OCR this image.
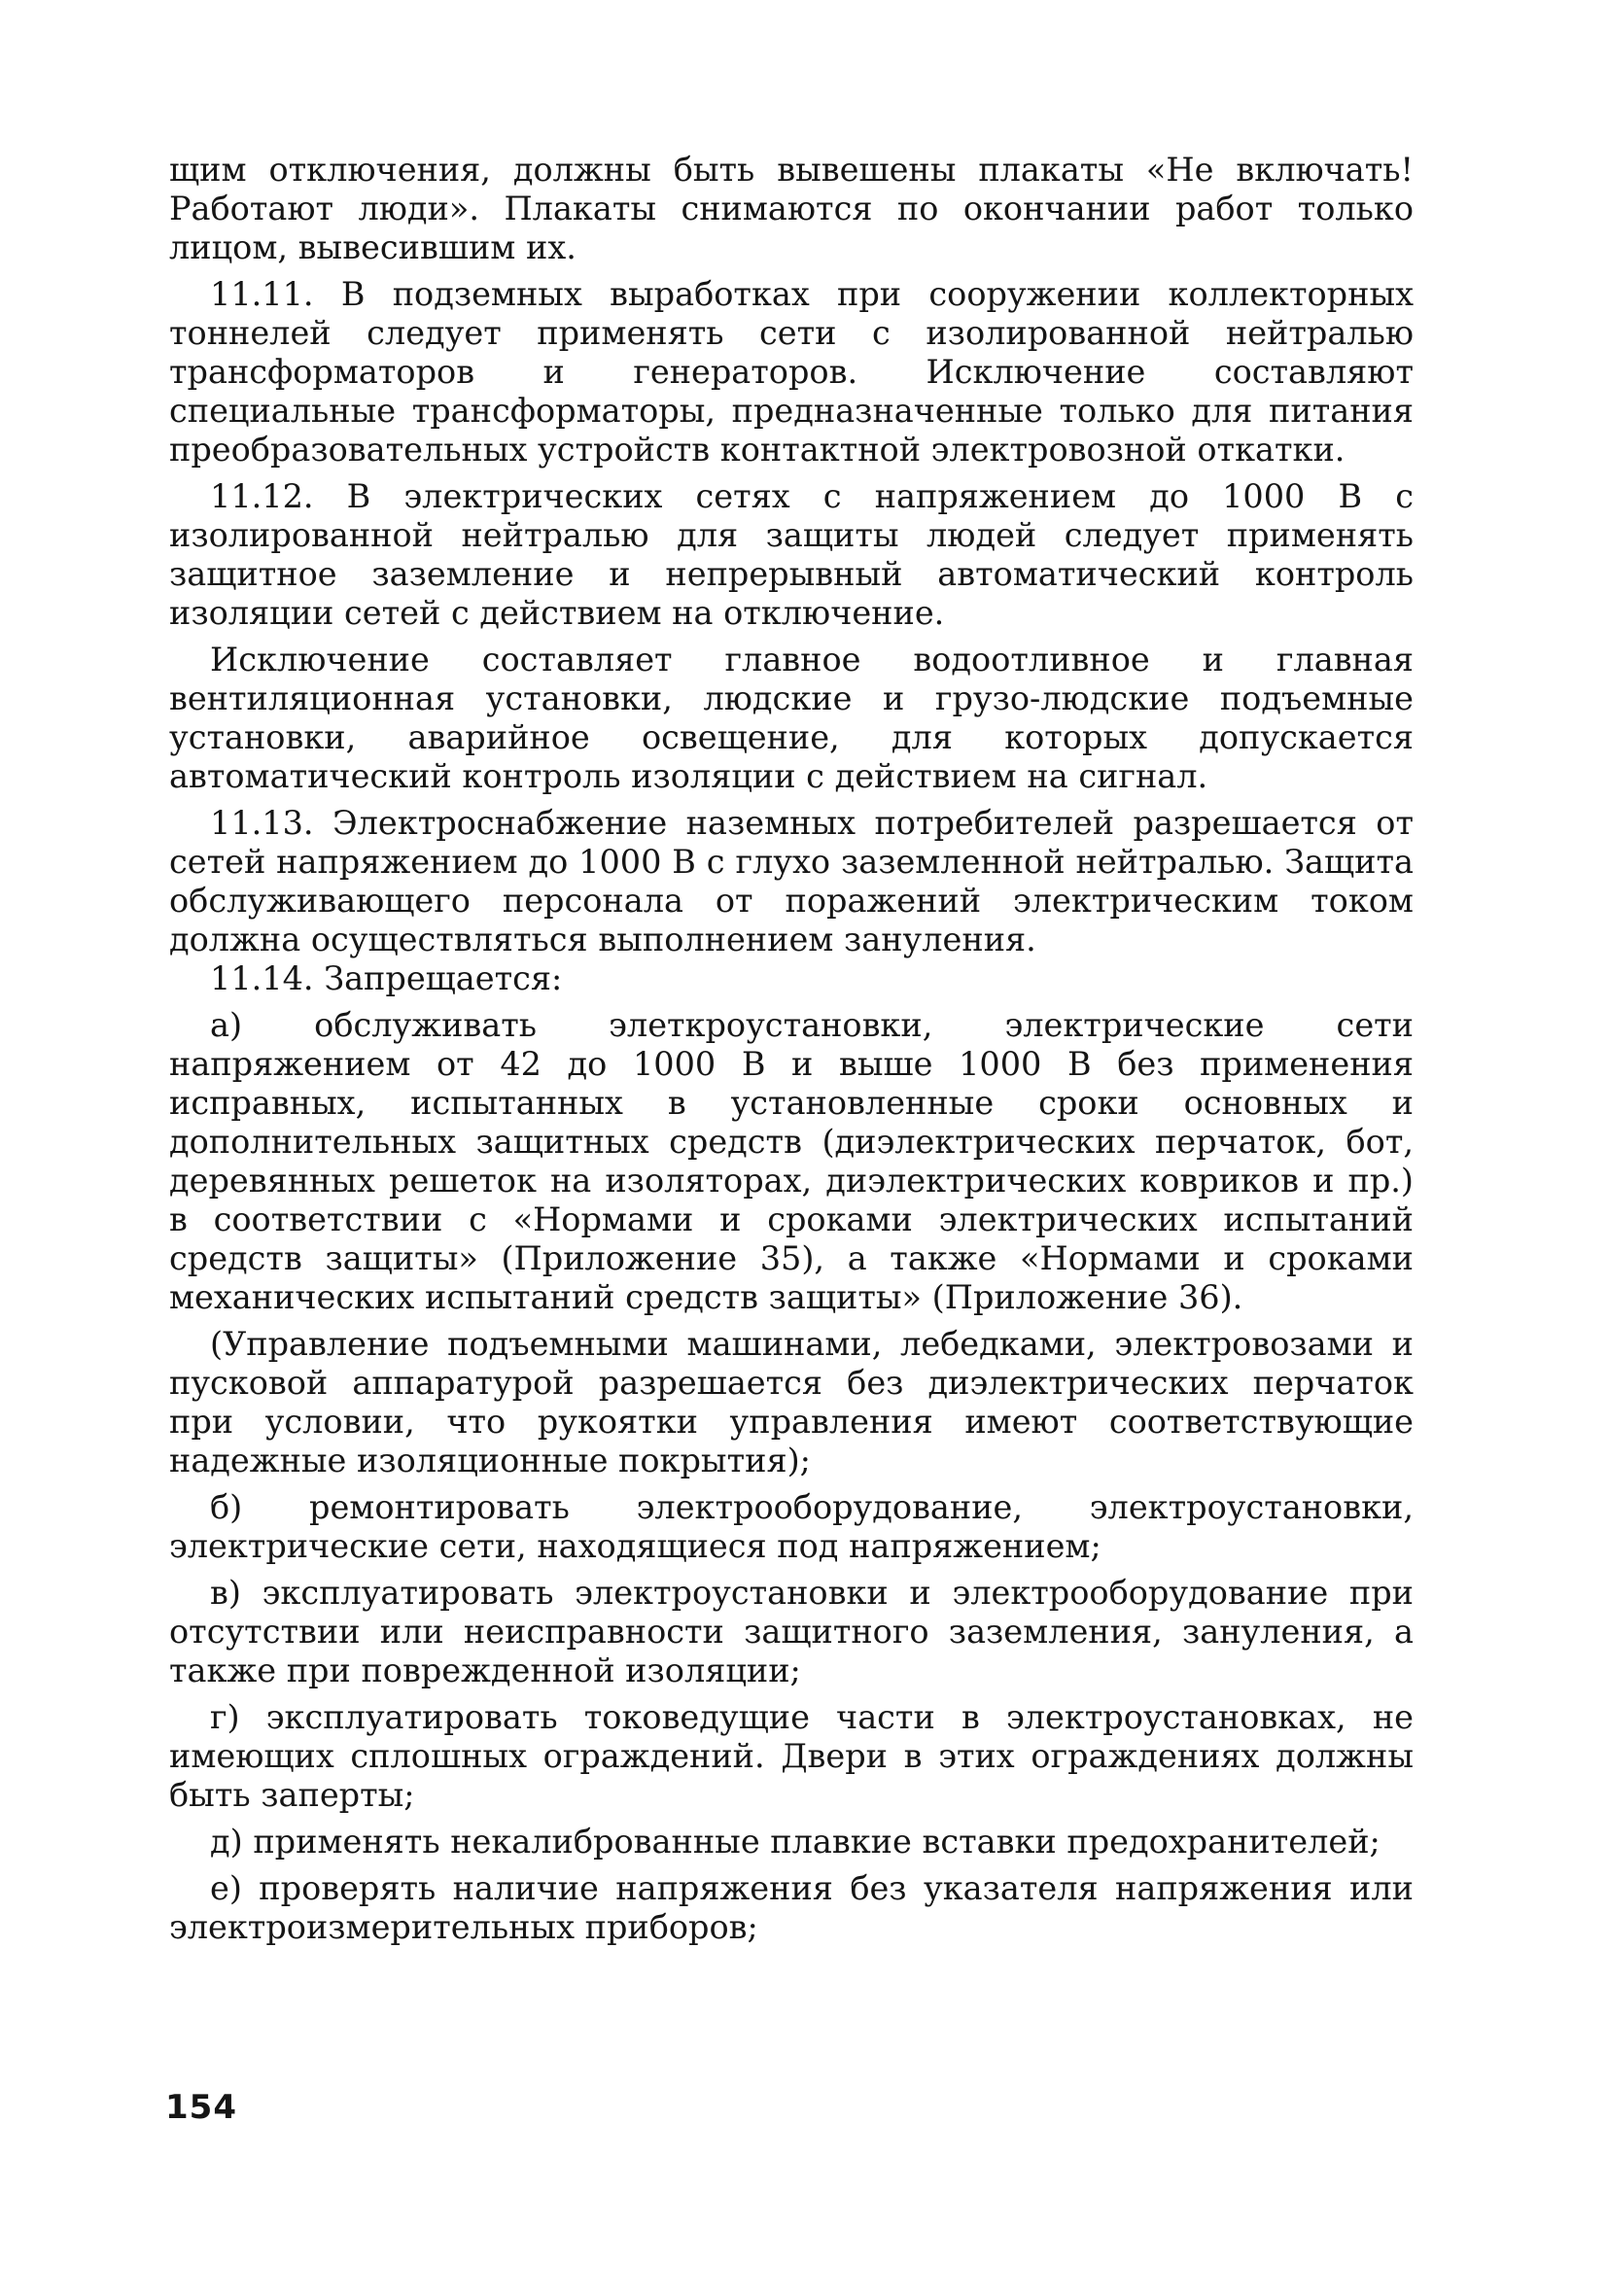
щим отключения, должны быть вывешены плакаты «Не включать! Работают люди». Плакаты снимаются по окончании работ только лицом, вывесившим их.

11.11. В подземных выработках при сооружении коллекторных тоннелей следует применять сети с изолированной нейтралью трансформаторов и генераторов. Исключение составляют специальные трансформаторы, предназначенные только для питания преобразовательных устройств контактной электровозной откатки.

11.12. В электрических сетях с напряжением до 1000 В с изолированной нейтралью для защиты людей следует применять защитное заземление и непрерывный автоматический контроль изоляции сетей с действием на отключение.

Исключение составляет главное водоотливное и главная вентиляционная установки, людские и грузо-людские подъемные установки, аварийное освещение, для которых допускается автоматический контроль изоляции с действием на сигнал.

11.13. Электроснабжение наземных потребителей разрешается от сетей напряжением до 1000 В с глухо заземленной нейтралью. Защита обслуживающего персонала от поражений электрическим током должна осуществляться выполнением зануления.

11.14. Запрещается:

а) обслуживать элеткроустановки, электрические сети напряжением от 42 до 1000 В и выше 1000 В без применения исправных, испытанных в установленные сроки основных и дополнительных защитных средств (диэлектрических перчаток, бот, деревянных решеток на изоляторах, диэлектрических ковриков и пр.) в соответствии с «Нормами и сроками электрических испытаний средств защиты» (Приложение 35), а также «Нормами и сроками механических испытаний средств защиты» (Приложение 36).

(Управление подъемными машинами, лебедками, электровозами и пусковой аппаратурой разрешается без диэлектрических перчаток при условии, что рукоятки управления имеют соответствующие надежные изоляционные покрытия);

б) ремонтировать электрооборудование, электроустановки, электрические сети, находящиеся под напряжением;

в) эксплуатировать электроустановки и электрооборудование при отсутствии или неисправности защитного заземления, зануления, а также при поврежденной изоляции;

г) эксплуатировать токоведущие части в электроустановках, не имеющих сплошных ограждений. Двери в этих ограждениях должны быть заперты;

д) применять некалиброванные плавкие вставки предохранителей;

е) проверять наличие напряжения без указателя напряжения или электроизмерительных приборов;

154
